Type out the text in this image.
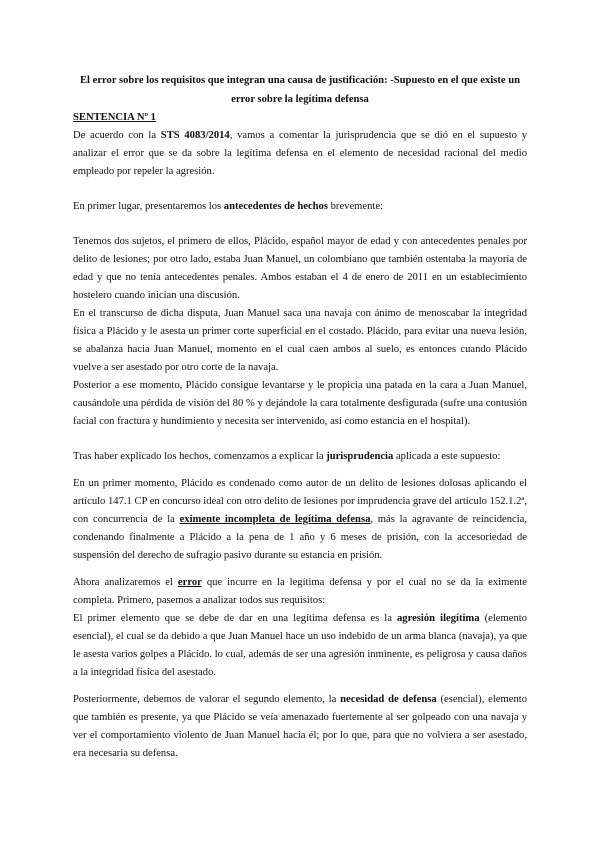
El error sobre los requisitos que integran una causa de justificación: -Supuesto en el que existe un error sobre la legítima defensa
SENTENCIA Nº 1

De acuerdo con la STS 4083/2014, vamos a comentar la jurisprudencia que se dió en el supuesto y analizar el error que se da sobre la legítima defensa en el elemento de necesidad racional del medio empleado por repeler la agresión.

En primer lugar, presentaremos los antecedentes de hechos brevemente:

Tenemos dos sujetos, el primero de ellos, Plácido, español mayor de edad y con antecedentes penales por delito de lesiones; por otro lado, estaba Juan Manuel, un colombiano que también ostentaba la mayoría de edad y que no tenía antecedentes penales. Ambos estaban el 4 de enero de 2011 en un establecimiento hostelero cuando inician una discusión.

En el transcurso de dicha disputa, Juan Manuel saca una navaja con ánimo de menoscabar la integridad física a Plácido y le asesta un primer corte superficial en el costado. Plácido, para evitar una nueva lesión, se abalanza hacia Juan Manuel, momento en el cual caen ambos al suelo, es entonces cuando Plácido vuelve a ser asestado por otro corte de la navaja.

Posterior a ese momento, Plácido consigue levantarse y le propicia una patada en la cara a Juan Manuel, causándole una pérdida de visión del 80 % y dejándole la cara totalmente desfigurada (sufre una contusión facial con fractura y hundimiento y necesita ser intervenido, así como estancia en el hospital).

Tras haber explicado los hechos, comenzamos a explicar la jurisprudencia aplicada a este supuesto:

En un primer momento, Plácido es condenado como autor de un delito de lesiones dolosas aplicando el artículo 147.1 CP en concurso ideal con otro delito de lesiones por imprudencia grave del artículo 152.1.2ª, con concurrencia de la eximente incompleta de legítima defensa, más la agravante de reincidencia, condenando finalmente a Plácido a la pena de 1 año y 6 meses de prisión, con la accesoriedad de suspensión del derecho de sufragio pasivo durante su estancia en prisión.

Ahora analizaremos el error que incurre en la legítima defensa y por el cual no se da la eximente completa. Primero, pasemos a analizar todos sus requisitos:

El primer elemento que se debe de dar en una legítima defensa es la agresión ilegítima (elemento esencial), el cual se da debido a que Juan Manuel hace un uso indebido de un arma blanca (navaja), ya que le asesta varios golpes a Plácido. lo cual, además de ser una agresión inminente, es peligrosa y causa daños a la integridad física del asestado.

Posteriormente, debemos de valorar el segundo elemento, la necesidad de defensa (esencial), elemento que también es presente, ya que Plácido se veía amenazado fuertemente al ser golpeado con una navaja y ver el comportamiento violento de Juan Manuel hacia él; por lo que, para que no volviera a ser asestado, era necesaria su defensa.
